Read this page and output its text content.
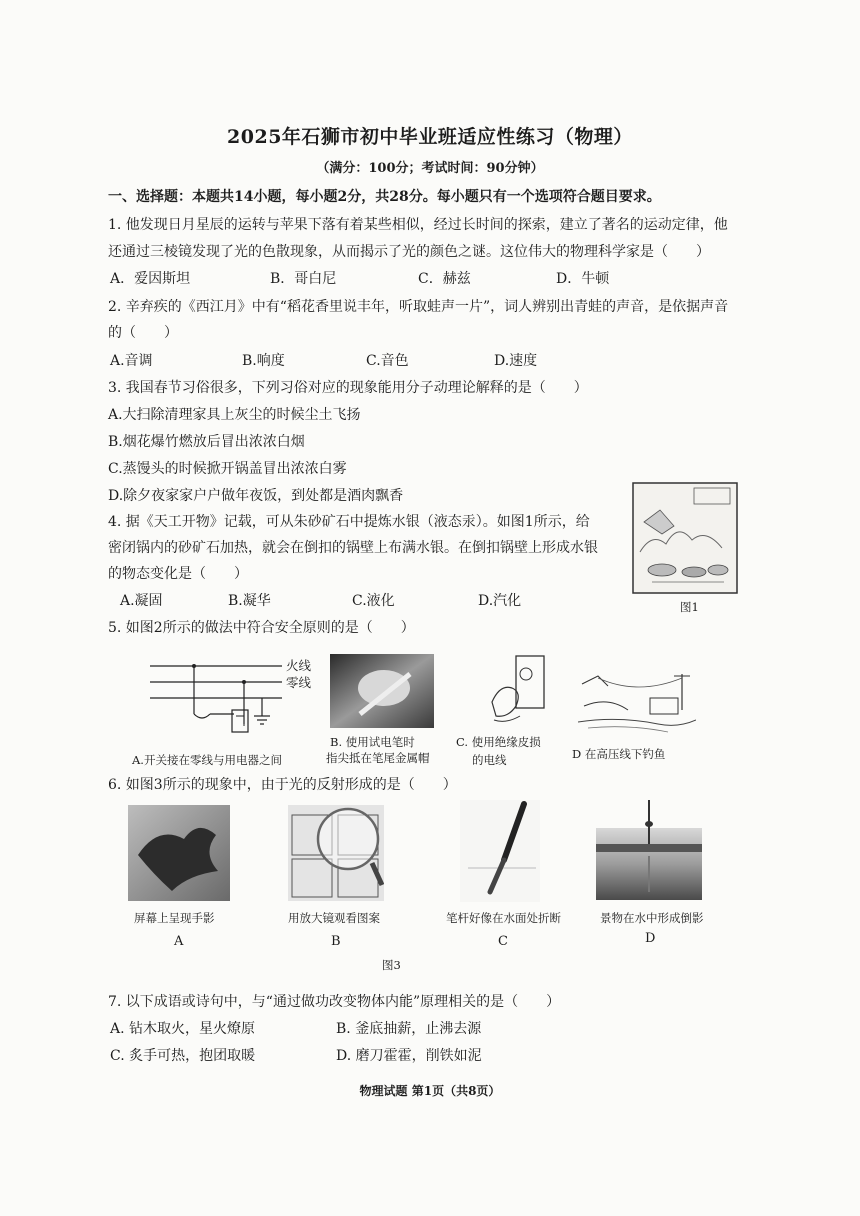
2025年石狮市初中毕业班适应性练习（物理）
（满分：100分；考试时间：90分钟）
一、选择题：本题共14小题，每小题2分，共28分。每小题只有一个选项符合题目要求。
1. 他发现日月星辰的运转与苹果下落有着某些相似，经过长时间的探索，建立了著名的运动定律，他
还通过三棱镜发现了光的色散现象，从而揭示了光的颜色之谜。这位伟大的物理科学家是（　　）
A．爱因斯坦	B．哥白尼	C．赫兹	D．牛顿
2. 辛弃疾的《西江月》中有“稻花香里说丰年，听取蛙声一片”，词人辨别出青蛙的声音，是依据声音
的（　　）
A.音调	B.响度	C.音色	D.速度
3. 我国春节习俗很多，下列习俗对应的现象能用分子动理论解释的是（　　）
A.大扫除清理家具上灰尘的时候尘土飞扬
B.烟花爆竹燃放后冒出浓浓白烟
C.蒸馒头的时候掀开锅盖冒出浓浓白雾
D.除夕夜家家户户做年夜饭，到处都是酒肉飘香
4. 据《天工开物》记载，可从朱砂矿石中提炼水银（液态汞）。如图1所示，给
密闭锅内的砂矿石加热，就会在倒扣的锅壁上布满水银。在倒扣锅壁上形成水银
的物态变化是（　　）
A.凝固	B.凝华	C.液化	D.汽化	图1
5. 如图2所示的做法中符合安全原则的是（　　）
火线
零线
A.开关接在零线与用电器之间
B. 使用试电笔时
指尖抵在笔尾金属帽
C. 使用绝缘皮损
的电线	D 在高压线下钓鱼
6. 如图3所示的现象中，由于光的反射形成的是（　　）
屏幕上呈现手影
A
用放大镜观看图案
B
笔杆好像在水面处折断
C
景物在水中形成倒影
D
图3
7. 以下成语或诗句中，与“通过做功改变物体内能”原理相关的是（　　）
A. 钻木取火，星火燎原	B. 釜底抽薪，止沸去源
C. 炙手可热，抱团取暖	D. 磨刀霍霍，削铁如泥
物理试题 第1页（共8页）
